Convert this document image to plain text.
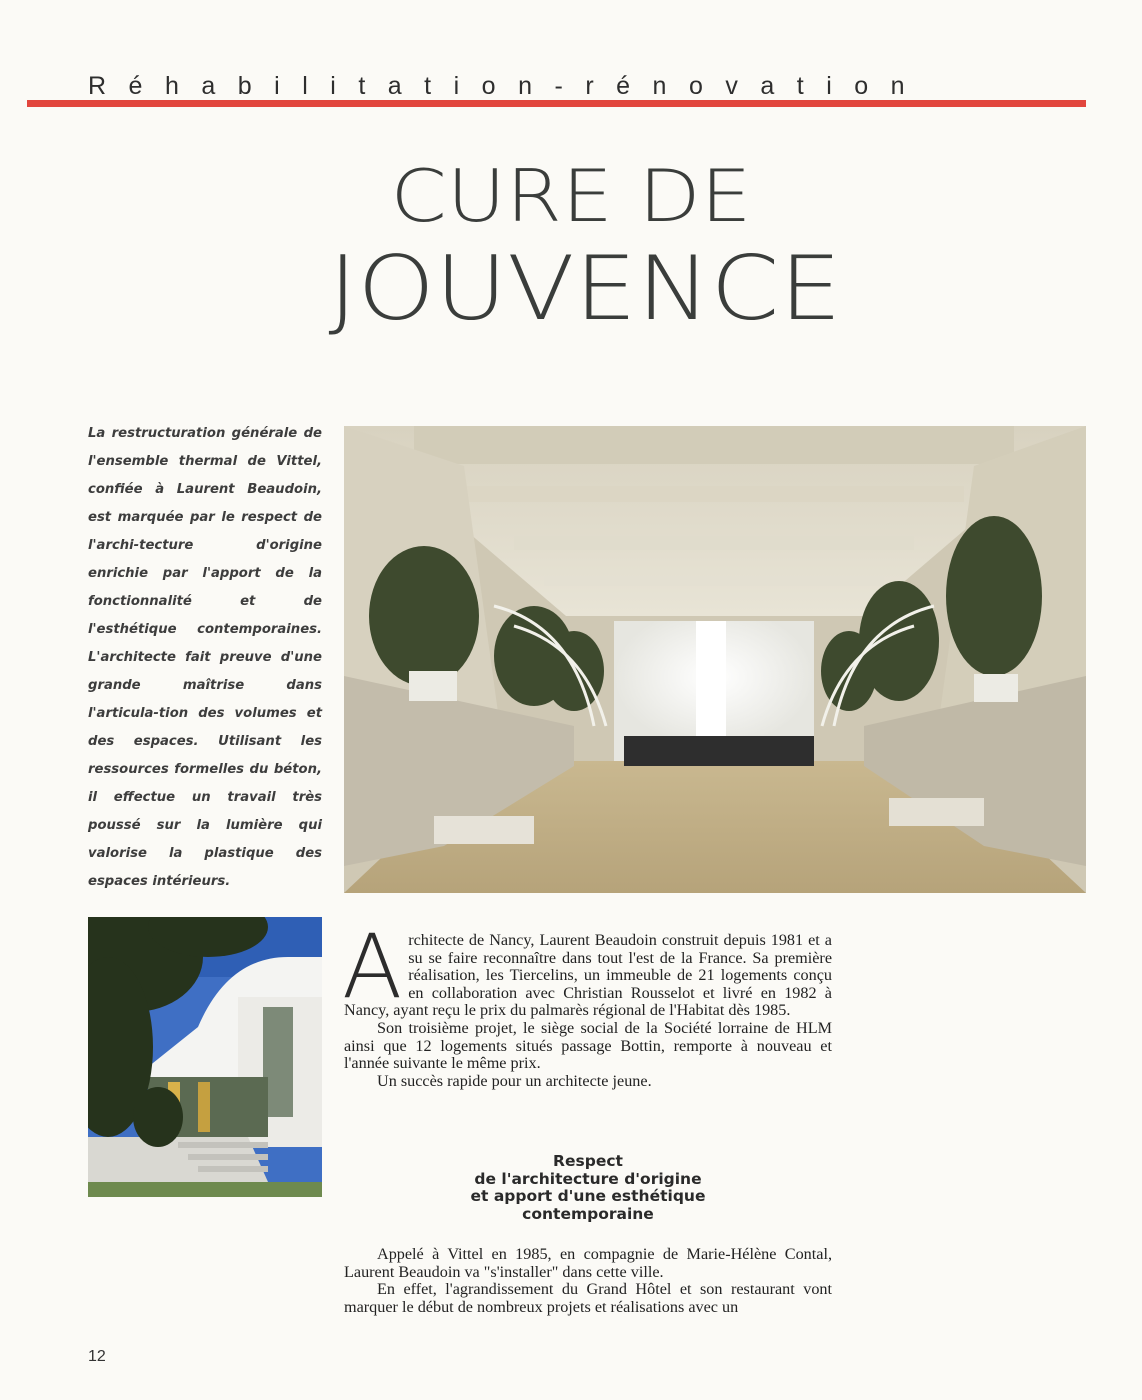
Réhabilitation-rénovation
CURE DE
JOUVENCE

La restructuration générale de l'ensemble thermal de Vittel, confiée à Laurent Beaudoin, est marquée par le respect de l'archi-tecture d'origine enrichie par l'apport de la fonctionnalité et de l'esthétique contemporaines. L'architecte fait preuve d'une grande maîtrise dans l'articula-tion des volumes et des espaces. Utilisant les ressources formelles du béton, il effectue un travail très poussé sur la lumière qui valorise la plastique des espaces intérieurs.

Architecte de Nancy, Laurent Beaudoin construit depuis 1981 et a su se faire reconnaître dans tout l'est de la France. Sa première réalisation, les Tiercelins, un immeuble de 21 logements conçu en collaboration avec Christian Rousselot et livré en 1982 à Nancy, ayant reçu le prix du palmarès régional de l'Habitat dès 1985.

Son troisième projet, le siège social de la Société lorraine de HLM ainsi que 12 logements situés passage Bottin, remporte à nouveau et l'année suivante le même prix.

Un succès rapide pour un architecte jeune.

Respect
de l'architecture d'origine
et apport d'une esthétique
contemporaine

Appelé à Vittel en 1985, en compagnie de Marie-Hélène Contal, Laurent Beaudoin va "s'installer" dans cette ville.

En effet, l'agrandissement du Grand Hôtel et son restaurant vont marquer le début de nombreux projets et réalisations avec un

12
